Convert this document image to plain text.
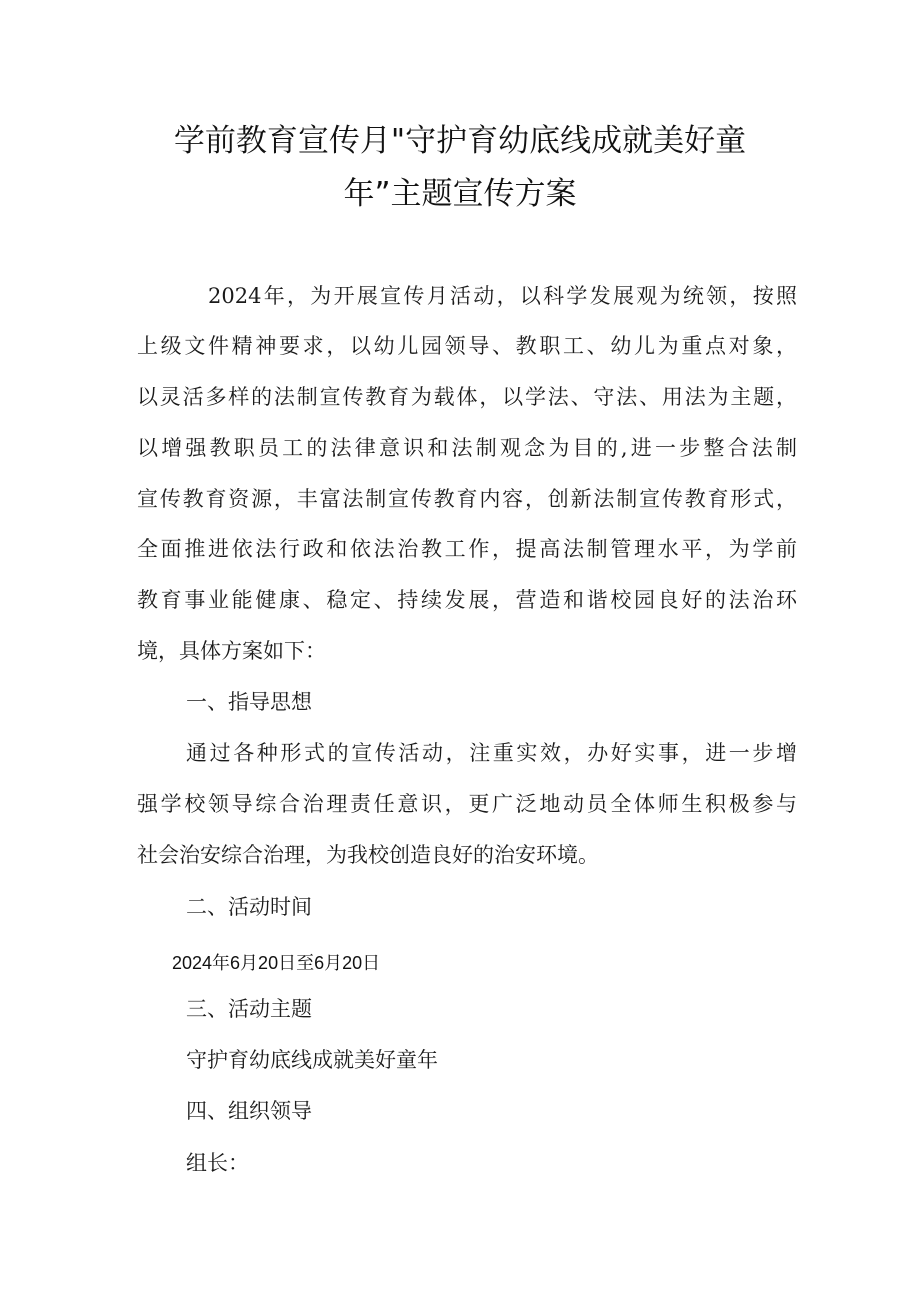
学前教育宣传月"守护育幼底线成就美好童
年”主题宣传方案
2024年，为开展宣传月活动，以科学发展观为统领，按照
上级文件精神要求，以幼儿园领导、教职工、幼儿为重点对象，
以灵活多样的法制宣传教育为载体，以学法、守法、用法为主题，
以增强教职员工的法律意识和法制观念为目的,进一步整合法制
宣传教育资源，丰富法制宣传教育内容，创新法制宣传教育形式，
全面推进依法行政和依法治教工作，提高法制管理水平，为学前
教育事业能健康、稳定、持续发展，营造和谐校园良好的法治环
境，具体方案如下：
一、指导思想
通过各种形式的宣传活动，注重实效，办好实事，进一步增
强学校领导综合治理责任意识，更广泛地动员全体师生积极参与
社会治安综合治理，为我校创造良好的治安环境。
二、活动时间
2024年6月20日至6月20日
三、活动主题
守护育幼底线成就美好童年
四、组织领导
组长：
